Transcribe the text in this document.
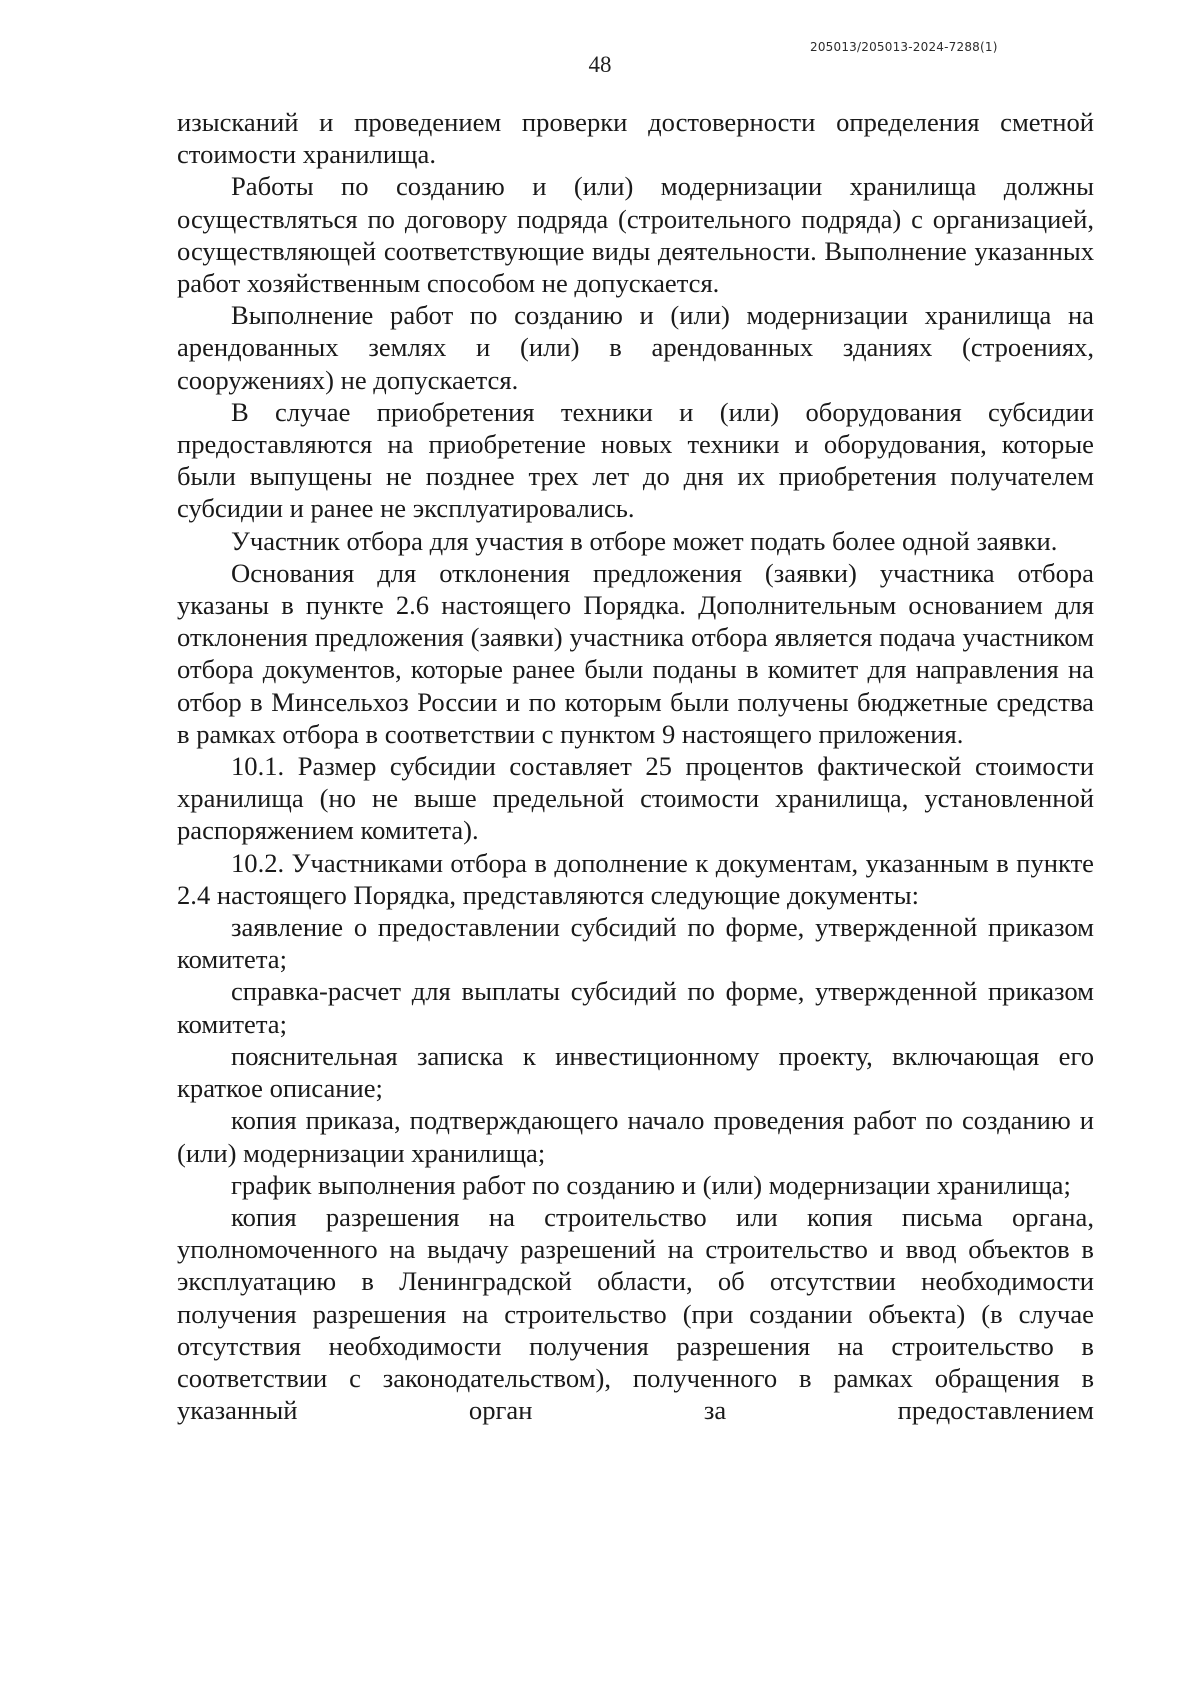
205013/205013-2024-7288(1)
48

изысканий и проведением проверки достоверности определения сметной стоимости хранилища.

Работы по созданию и (или) модернизации хранилища должны осуществляться по договору подряда (строительного подряда) с организацией, осуществляющей соответствующие виды деятельности. Выполнение указанных работ хозяйственным способом не допускается.

Выполнение работ по созданию и (или) модернизации хранилища на арендованных землях и (или) в арендованных зданиях (строениях, сооружениях) не допускается.

В случае приобретения техники и (или) оборудования субсидии предоставляются на приобретение новых техники и оборудования, которые были выпущены не позднее трех лет до дня их приобретения получателем субсидии и ранее не эксплуатировались.

Участник отбора для участия в отборе может подать более одной заявки.

Основания для отклонения предложения (заявки) участника отбора указаны в пункте 2.6 настоящего Порядка. Дополнительным основанием для отклонения предложения (заявки) участника отбора является подача участником отбора документов, которые ранее были поданы в комитет для направления на отбор в Минсельхоз России и по которым были получены бюджетные средства в рамках отбора в соответствии с пунктом 9 настоящего приложения.

10.1. Размер субсидии составляет 25 процентов фактической стоимости хранилища (но не выше предельной стоимости хранилища, установленной распоряжением комитета).

10.2. Участниками отбора в дополнение к документам, указанным в пункте 2.4 настоящего Порядка, представляются следующие документы:

заявление о предоставлении субсидий по форме, утвержденной приказом комитета;

справка-расчет для выплаты субсидий по форме, утвержденной приказом комитета;

пояснительная записка к инвестиционному проекту, включающая его краткое описание;

копия приказа, подтверждающего начало проведения работ по созданию и (или) модернизации хранилища;

график выполнения работ по созданию и (или) модернизации хранилища;

копия разрешения на строительство или копия письма органа, уполномоченного на выдачу разрешений на строительство и ввод объектов в эксплуатацию в Ленинградской области, об отсутствии необходимости получения разрешения на строительство (при создании объекта) (в случае отсутствия необходимости получения разрешения на строительство в соответствии с законодательством), полученного в рамках обращения в указанный орган за предоставлением
